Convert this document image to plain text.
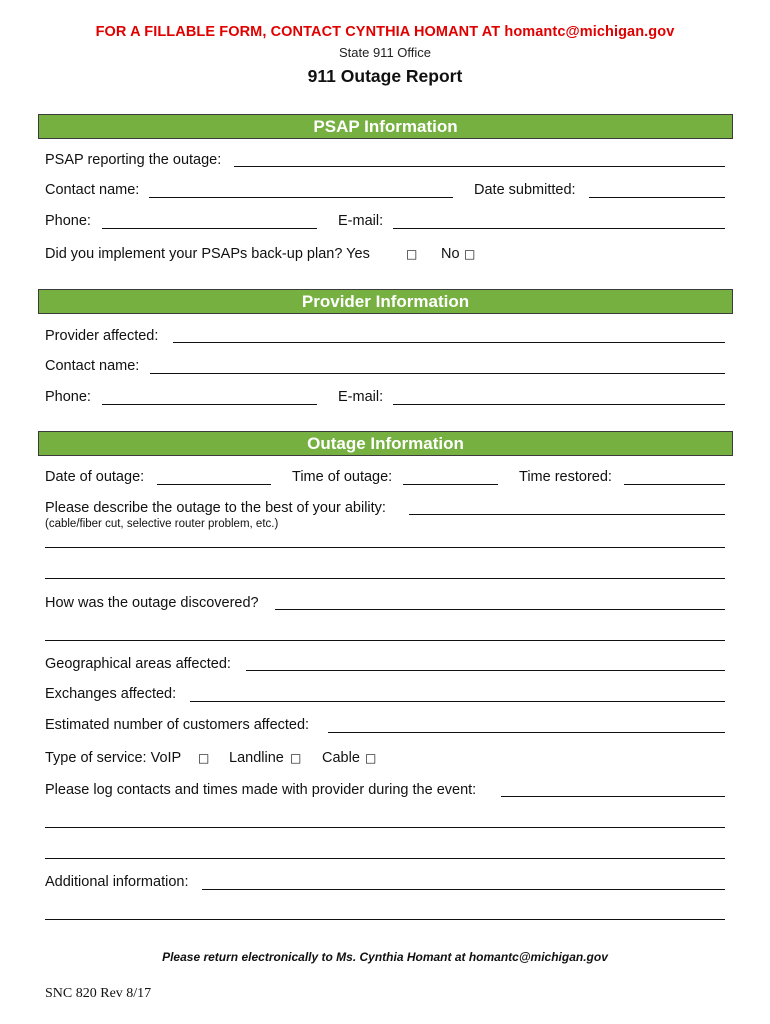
FOR A FILLABLE FORM, CONTACT CYNTHIA HOMANT AT homantc@michigan.gov
State 911 Office
911 Outage Report
PSAP Information
PSAP reporting the outage:
Contact name:	Date submitted:
Phone:	E-mail:
Did you implement your PSAPs back-up plan? Yes	□ No □
Provider Information
Provider affected:
Contact name:
Phone:	E-mail:
Outage Information
Date of outage:	Time of outage:	Time restored:
Please describe the outage to the best of your ability:
(cable/fiber cut, selective router problem, etc.)
How was the outage discovered?
Geographical areas affected:
Exchanges affected:
Estimated number of customers affected:
Type of service: VoIP □ Landline □ Cable □
Please log contacts and times made with provider during the event:
Additional information:
Please return electronically to Ms. Cynthia Homant at homantc@michigan.gov
SNC 820 Rev 8/17
